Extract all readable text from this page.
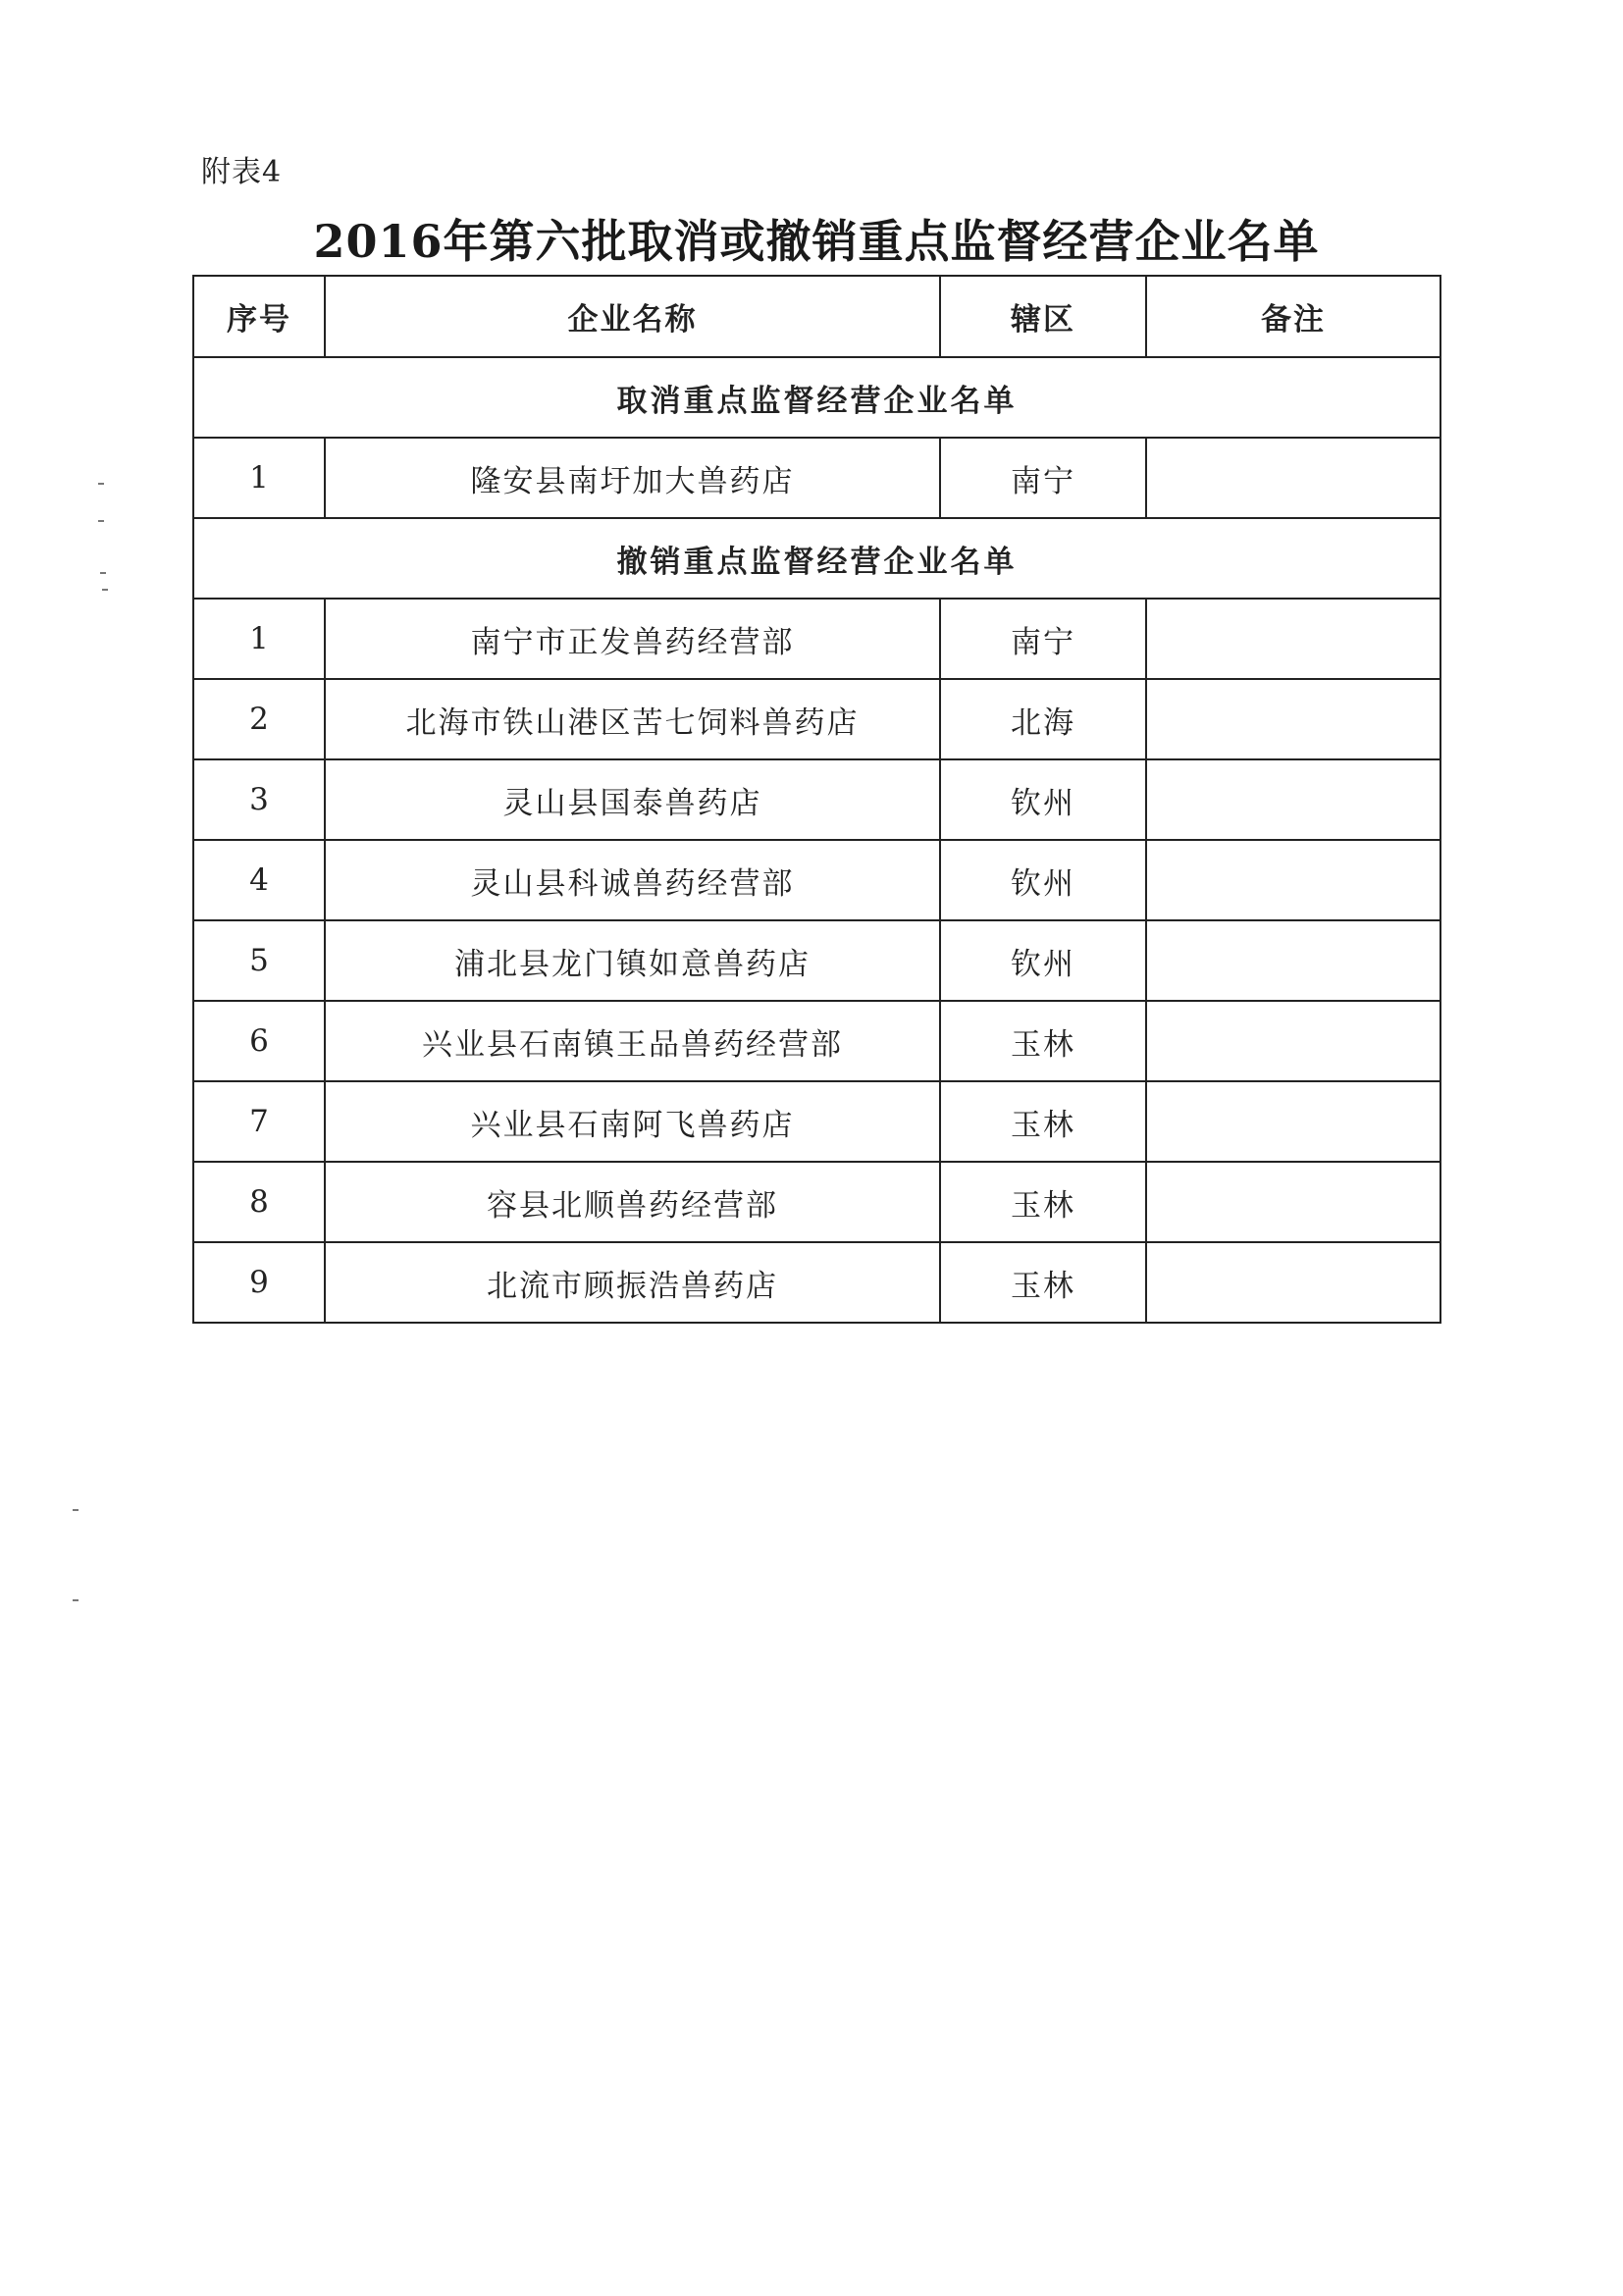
附表4
2016年第六批取消或撤销重点监督经营企业名单
序号	企业名称	辖区	备注
取消重点监督经营企业名单			
1	隆安县南圩加大兽药店	南宁	
撤销重点监督经营企业名单			
1	南宁市正发兽药经营部	南宁	
2	北海市铁山港区苦七饲料兽药店	北海	
3	灵山县国泰兽药店	钦州	
4	灵山县科诚兽药经营部	钦州	
5	浦北县龙门镇如意兽药店	钦州	
6	兴业县石南镇王品兽药经营部	玉林	
7	兴业县石南阿飞兽药店	玉林	
8	容县北顺兽药经营部	玉林	
9	北流市顾振浩兽药店	玉林	
